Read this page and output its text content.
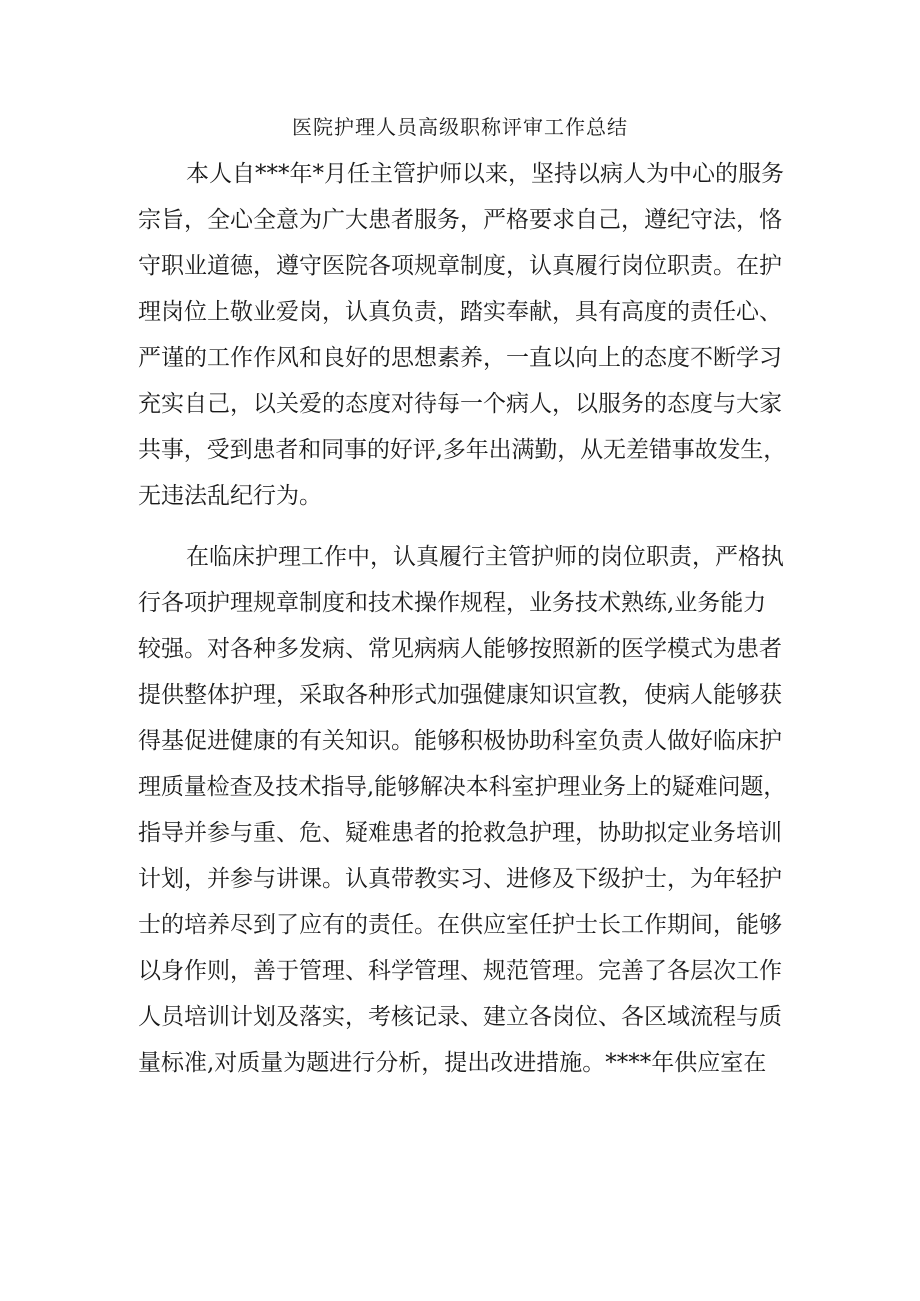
医院护理人员高级职称评审工作总结
本人自***年*月任主管护师以来，坚持以病人为中心的服务
宗旨，全心全意为广大患者服务，严格要求自己，遵纪守法，恪
守职业道德，遵守医院各项规章制度，认真履行岗位职责。在护
理岗位上敬业爱岗，认真负责，踏实奉献，具有高度的责任心、
严谨的工作作风和良好的思想素养，一直以向上的态度不断学习
充实自己，以关爱的态度对待每一个病人，以服务的态度与大家
共事，受到患者和同事的好评,多年出满勤，从无差错事故发生，
无违法乱纪行为。
在临床护理工作中，认真履行主管护师的岗位职责，严格执
行各项护理规章制度和技术操作规程，业务技术熟练,业务能力
较强。对各种多发病、常见病病人能够按照新的医学模式为患者
提供整体护理，采取各种形式加强健康知识宣教，使病人能够获
得基促进健康的有关知识。能够积极协助科室负责人做好临床护
理质量检查及技术指导,能够解决本科室护理业务上的疑难问题，
指导并参与重、危、疑难患者的抢救急护理，协助拟定业务培训
计划，并参与讲课。认真带教实习、进修及下级护士，为年轻护
士的培养尽到了应有的责任。在供应室任护士长工作期间，能够
以身作则，善于管理、科学管理、规范管理。完善了各层次工作
人员培训计划及落实，考核记录、建立各岗位、各区域流程与质
量标准,对质量为题进行分析，提出改进措施。****年供应室在
